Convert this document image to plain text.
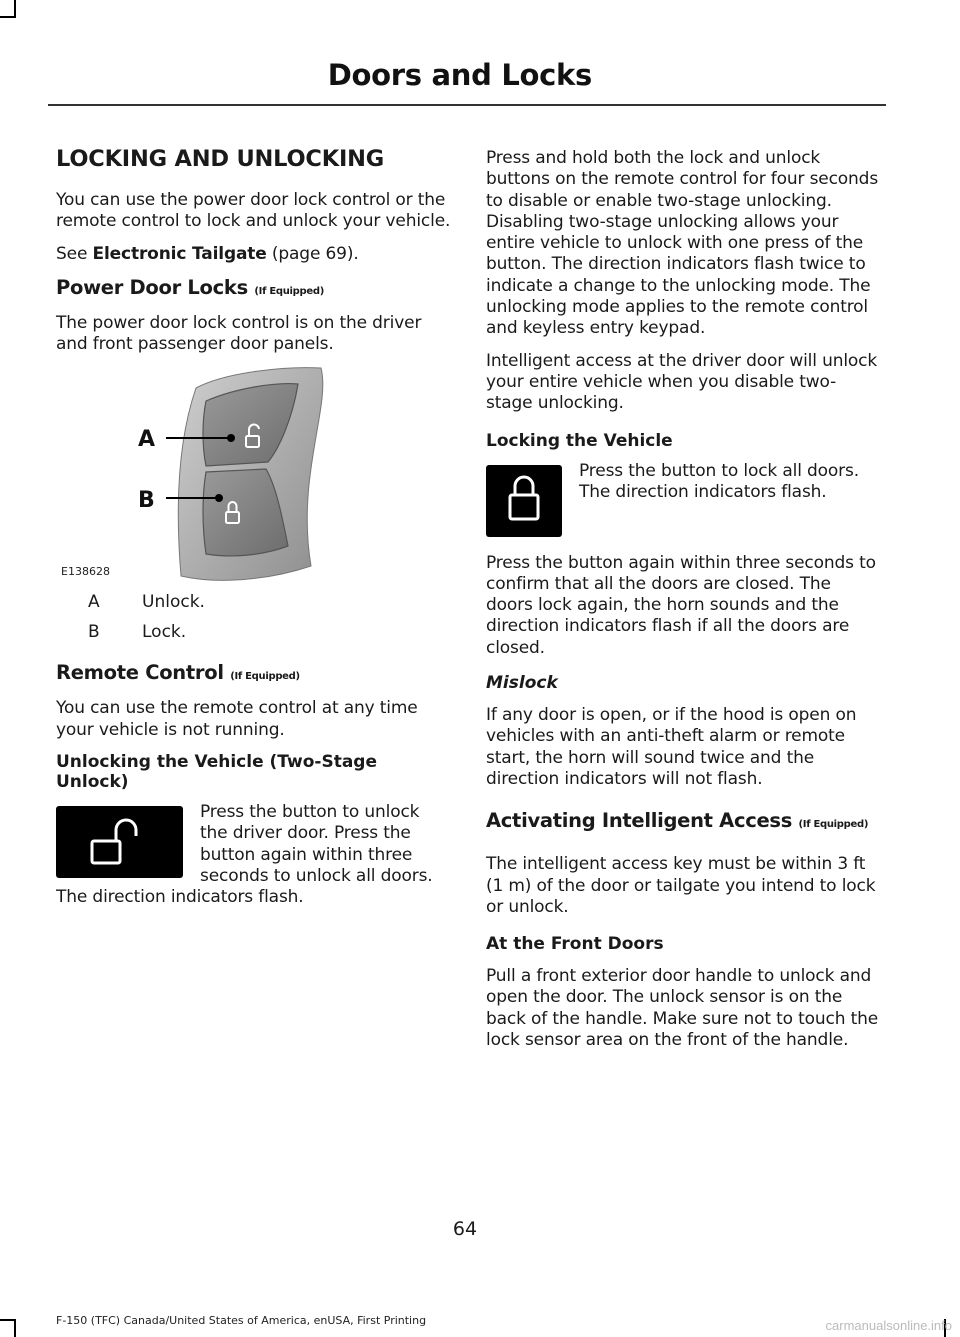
Doors and Locks
LOCKING AND UNLOCKING

You can use the power door lock control or the remote control to lock and unlock your vehicle.

See Electronic Tailgate (page 69).

Power Door Locks (If Equipped)

The power door lock control is on the driver and front passenger door panels.

A
B
E138628
A	Unlock.
B	Lock.
Remote Control (If Equipped)

You can use the remote control at any time your vehicle is not running.

Unlocking the Vehicle (Two-Stage Unlock)

Press the button to unlock the driver door. Press the button again within three seconds to unlock all doors. The direction indicators flash.

Press and hold both the lock and unlock buttons on the remote control for four seconds to disable or enable two-stage unlocking. Disabling two-stage unlocking allows your entire vehicle to unlock with one press of the button. The direction indicators flash twice to indicate a change to the unlocking mode. The unlocking mode applies to the remote control and keyless entry keypad.

Intelligent access at the driver door will unlock your entire vehicle when you disable two-stage unlocking.

Locking the Vehicle

Press the button to lock all doors. The direction indicators flash.

Press the button again within three seconds to confirm that all the doors are closed. The doors lock again, the horn sounds and the direction indicators flash if all the doors are closed.

Mislock

If any door is open, or if the hood is open on vehicles with an anti-theft alarm or remote start, the horn will sound twice and the direction indicators will not flash.

Activating Intelligent Access (If Equipped)

The intelligent access key must be within 3 ft (1 m) of the door or tailgate you intend to lock or unlock.

At the Front Doors

Pull a front exterior door handle to unlock and open the door. The unlock sensor is on the back of the handle. Make sure not to touch the lock sensor area on the front of the handle.

64
F-150 (TFC) Canada/United States of America, enUSA, First Printing	carmanualsonline.info
